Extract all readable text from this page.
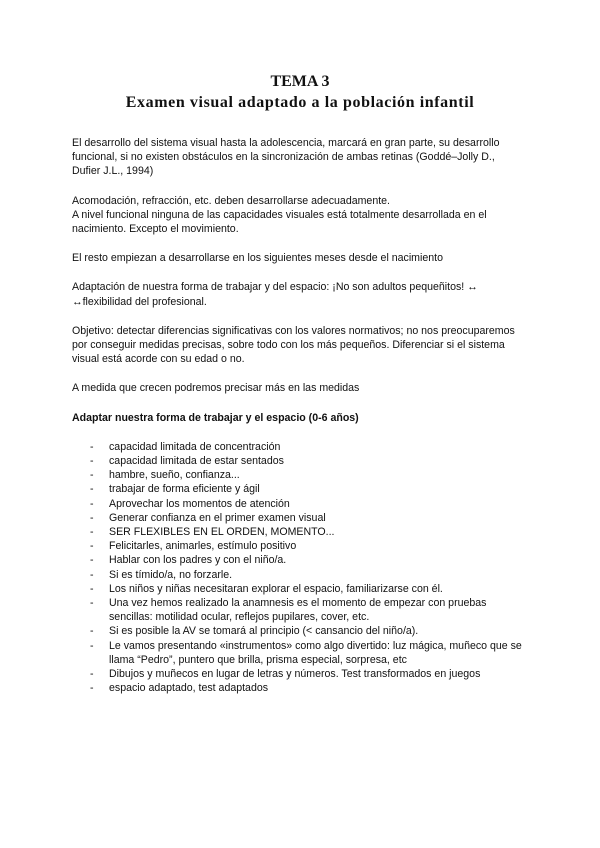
TEMA 3
Examen visual adaptado a la población infantil

El desarrollo del sistema visual hasta la adolescencia, marcará en gran parte, su desarrollo funcional, si no existen obstáculos en la sincronización de ambas retinas (Goddé–Jolly D., Dufier J.L., 1994)

Acomodación, refracción, etc. deben desarrollarse adecuadamente.

A nivel funcional ninguna de las capacidades visuales está totalmente desarrollada en el nacimiento. Excepto el movimiento.

El resto empiezan a desarrollarse en los siguientes meses desde el nacimiento

Adaptación de nuestra forma de trabajar y del espacio: ¡No son adultos pequeñitos! ↔ ↔flexibilidad del profesional.

Objetivo: detectar diferencias significativas con los valores normativos; no nos preocuparemos por conseguir medidas precisas, sobre todo con los más pequeños. Diferenciar si el sistema visual está acorde con su edad o no.

A medida que crecen podremos precisar más en las medidas

Adaptar nuestra forma de trabajar y el espacio (0-6 años)
- capacidad limitada de concentración
- capacidad limitada de estar sentados
- hambre, sueño, confianza...
- trabajar de forma eficiente y ágil
- Aprovechar los momentos de atención
- Generar confianza en el primer examen visual
- SER FLEXIBLES EN EL ORDEN, MOMENTO...
- Felicitarles, animarles, estímulo positivo
- Hablar con los padres y con el niño/a.
- Si es tímido/a, no forzarle.
- Los niños y niñas necesitaran explorar el espacio, familiarizarse con él.
- Una vez hemos realizado la anamnesis es el momento de empezar con pruebas sencillas: motilidad ocular, reflejos pupilares, cover, etc.
- Si es posible la AV se tomará al principio (< cansancio del niño/a).
- Le vamos presentando «instrumentos» como algo divertido: luz mágica, muñeco que se llama “Pedro”, puntero que brilla, prisma especial, sorpresa, etc
- Dibujos y muñecos en lugar de letras y números. Test transformados en juegos
- espacio adaptado, test adaptados
